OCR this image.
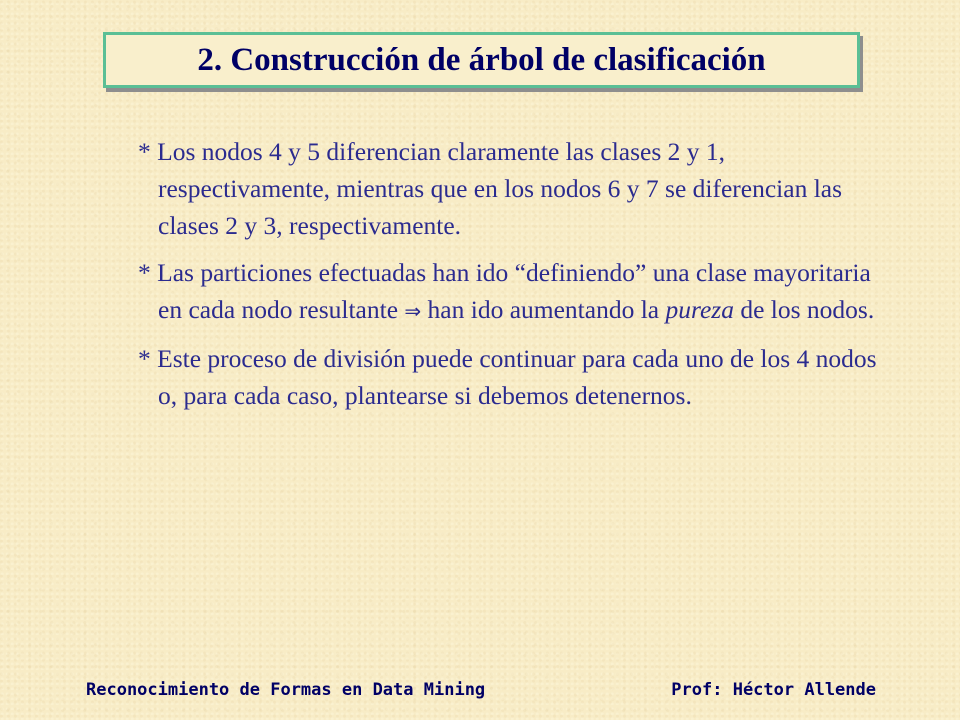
2. Construcción de árbol de clasificación

* Los nodos 4 y 5 diferencian claramente las clases 2 y 1, respectivamente, mientras que en los nodos 6 y 7 se diferencian las clases 2 y 3, respectivamente.

* Las particiones efectuadas han ido “definiendo” una clase mayoritaria en cada nodo resultante ⇒ han ido aumentando la pureza de los nodos.

* Este proceso de división puede continuar para cada uno de los 4 nodos o, para cada caso, plantearse si debemos detenernos.

Reconocimiento de Formas en Data Mining	Prof: Héctor Allende
